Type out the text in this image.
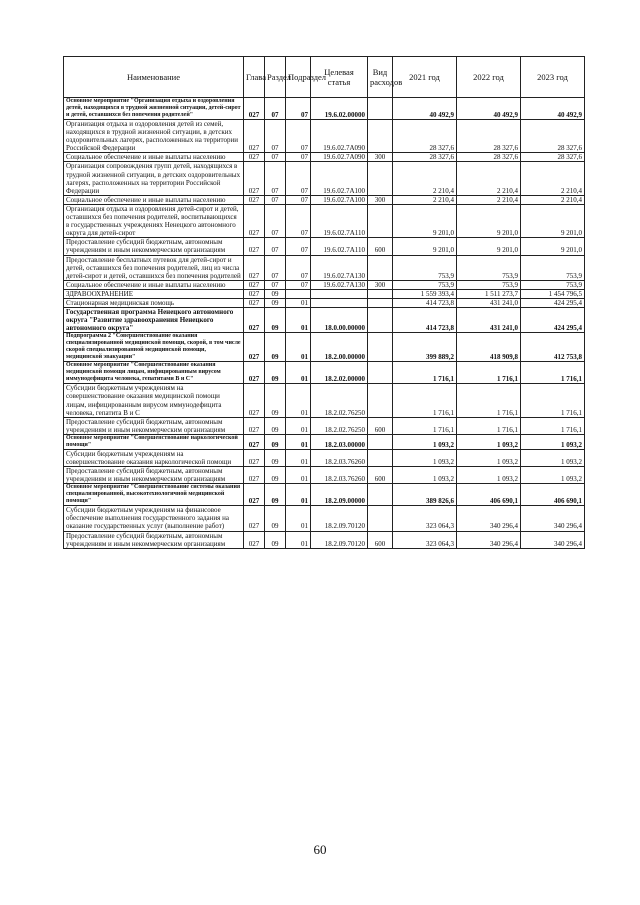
Наименование	Глава	Раздел	Подраздел	Целевая статья	Вид расходов	2021 год	2022 год	2023 год
Основное мероприятие "Организация отдыха и оздоровления детей, находящихся в трудной жизненной ситуации, детей-сирот и детей, оставшихся без попечения родителей"	027	07	07	19.6.02.00000		40 492,9	40 492,9	40 492,9
Организация отдыха и оздоровления детей из семей, находящихся в трудной жизненной ситуации, в детских оздоровительных лагерях, расположенных на территории Российской Федерации	027	07	07	19.6.02.7А090		28 327,6	28 327,6	28 327,6
Социальное обеспечение и иные выплаты населению	027	07	07	19.6.02.7А090	300	28 327,6	28 327,6	28 327,6
Организация сопровождения групп детей, находящихся в трудной жизненной ситуации, в детских оздоровительных лагерях, расположенных на территории Российской Федерации	027	07	07	19.6.02.7А100		2 210,4	2 210,4	2 210,4
Социальное обеспечение и иные выплаты населению	027	07	07	19.6.02.7А100	300	2 210,4	2 210,4	2 210,4
Организация отдыха и оздоровления детей-сирот и детей, оставшихся без попечения родителей, воспитывающихся в государственных учреждениях Ненецкого автономного округа для детей-сирот	027	07	07	19.6.02.7А110		9 201,0	9 201,0	9 201,0
Предоставление субсидий бюджетным, автономным учреждениям и иным некоммерческим организациям	027	07	07	19.6.02.7А110	600	9 201,0	9 201,0	9 201,0
Предоставление бесплатных путевок для детей-сирот и детей, оставшихся без попечения родителей, лиц из числа детей-сирот и детей, оставшихся без попечения родителей	027	07	07	19.6.02.7А130		753,9	753,9	753,9
Социальное обеспечение и иные выплаты населению	027	07	07	19.6.02.7А130	300	753,9	753,9	753,9
ЗДРАВООХРАНЕНИЕ	027	09				1 559 393,4	1 511 273,7	1 454 796,5
Стационарная медицинская помощь	027	09	01			414 723,8	431 241,0	424 295,4
Государственная программа Ненецкого автономного округа "Развитие здравоохранения Ненецкого автономного округа"	027	09	01	18.0.00.00000		414 723,8	431 241,0	424 295,4
Подпрограмма 2 "Совершенствование оказания специализированной медицинской помощи, скорой, в том числе скорой специализированной медицинской помощи, медицинской эвакуации"	027	09	01	18.2.00.00000		399 889,2	418 909,8	412 753,8
Основное мероприятие "Совершенствование оказания медицинской помощи лицам, инфицированным вирусом иммунодефицита человека, гепатитами В и С"	027	09	01	18.2.02.00000		1 716,1	1 716,1	1 716,1
Субсидии бюджетным учреждениям на совершенствование оказания медицинской помощи лицам, инфицированным вирусом иммунодефицита человека, гепатита В и С	027	09	01	18.2.02.76250		1 716,1	1 716,1	1 716,1
Предоставление субсидий бюджетным, автономным учреждениям и иным некоммерческим организациям	027	09	01	18.2.02.76250	600	1 716,1	1 716,1	1 716,1
Основное мероприятие "Совершенствование наркологической помощи"	027	09	01	18.2.03.00000		1 093,2	1 093,2	1 093,2
Субсидии бюджетным учреждениям на совершенствование оказания наркологической помощи	027	09	01	18.2.03.76260		1 093,2	1 093,2	1 093,2
Предоставление субсидий бюджетным, автономным учреждениям и иным некоммерческим организациям	027	09	01	18.2.03.76260	600	1 093,2	1 093,2	1 093,2
Основное мероприятие "Совершенствование системы оказания специализированной, высокотехнологичной медицинской помощи"	027	09	01	18.2.09.00000		389 826,6	406 690,1	406 690,1
Субсидии бюджетным учреждениям на финансовое обеспечение выполнения государственного задания на оказание государственных услуг (выполнение работ)	027	09	01	18.2.09.70120		323 064,3	340 296,4	340 296,4
Предоставление субсидий бюджетным, автономным учреждениям и иным некоммерческим организациям	027	09	01	18.2.09.70120	600	323 064,3	340 296,4	340 296,4
60
